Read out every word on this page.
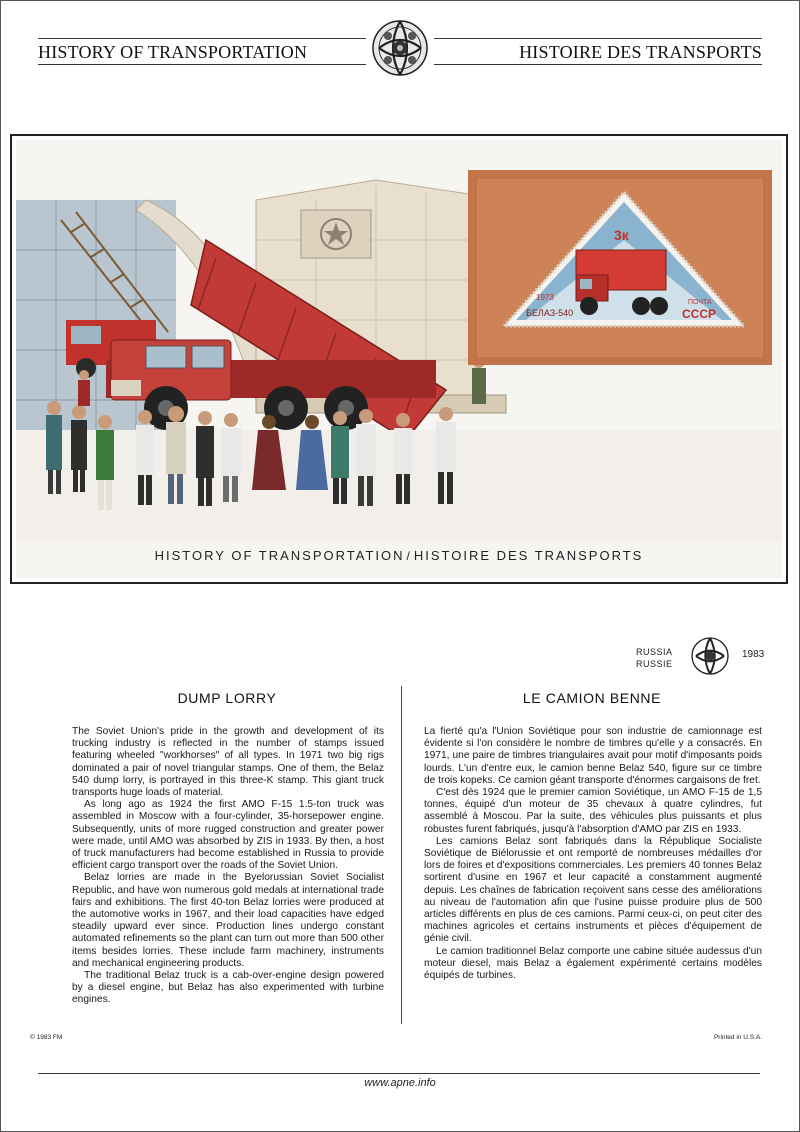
HISTORY OF TRANSPORTATION	HISTOIRE DES TRANSPORTS
3к
1973
БЕЛАЗ-540
ПОЧТА
СССР
HISTORY OF TRANSPORTATION / HISTOIRE DES TRANSPORTS
RUSSIA
RUSSIE
1983
DUMP LORRY

The Soviet Union's pride in the growth and development of its trucking industry is reflected in the number of stamps issued featuring wheeled "workhorses" of all types. In 1971 two big rigs dominated a pair of novel triangular stamps. One of them, the Belaz 540 dump lorry, is portrayed in this three-K stamp. This giant truck transports huge loads of material.

As long ago as 1924 the first AMO F-15 1.5-ton truck was assembled in Moscow with a four-cylinder, 35-horsepower engine. Subsequently, units of more rugged construction and greater power were made, until AMO was absorbed by ZIS in 1933. By then, a host of truck manufacturers had become established in Russia to provide efficient cargo transport over the roads of the Soviet Union.

Belaz lorries are made in the Byelorussian Soviet Socialist Republic, and have won numerous gold medals at international trade fairs and exhibitions. The first 40-ton Belaz lorries were produced at the automotive works in 1967, and their load capacities have edged steadily upward ever since. Production lines undergo constant automated refinements so the plant can turn out more than 500 other items besides lorries. These include farm machinery, instruments and mechanical engineering products.

The traditional Belaz truck is a cab-over-engine design powered by a diesel engine, but Belaz has also experimented with turbine engines.

LE CAMION BENNE

La fierté qu'a l'Union Soviétique pour son industrie de camionnage est évidente si l'on considère le nombre de timbres qu'elle y a consacrés. En 1971, une paire de timbres triangulaires avait pour motif d'imposants poids lourds. L'un d'entre eux, le camion benne Belaz 540, figure sur ce timbre de trois kopeks. Ce camion géant transporte d'énormes cargaisons de fret.

C'est dès 1924 que le premier camion Soviétique, un AMO F-15 de 1,5 tonnes, équipé d'un moteur de 35 chevaux à quatre cylindres, fut assemblé à Moscou. Par la suite, des véhicules plus puissants et plus robustes furent fabriqués, jusqu'à l'absorption d'AMO par ZIS en 1933.

Les camions Belaz sont fabriqués dans la République Socialiste Soviétique de Biélorussie et ont remporté de nombreuses médailles d'or lors de foires et d'expositions commerciales. Les premiers 40 tonnes Belaz sortirent d'usine en 1967 et leur capacité a constamment augmenté depuis. Les chaînes de fabrication reçoivent sans cesse des améliorations au niveau de l'automation afin que l'usine puisse produire plus de 500 articles différents en plus de ces camions. Parmi ceux-ci, on peut citer des machines agricoles et certains instruments et pièces d'équipement de génie civil.

Le camion traditionnel Belaz comporte une cabine située audessus d'un moteur diesel, mais Belaz a également expérimenté certains modèles équipés de turbines.

© 1983 FM	Printed in U.S.A.
www.apne.info
